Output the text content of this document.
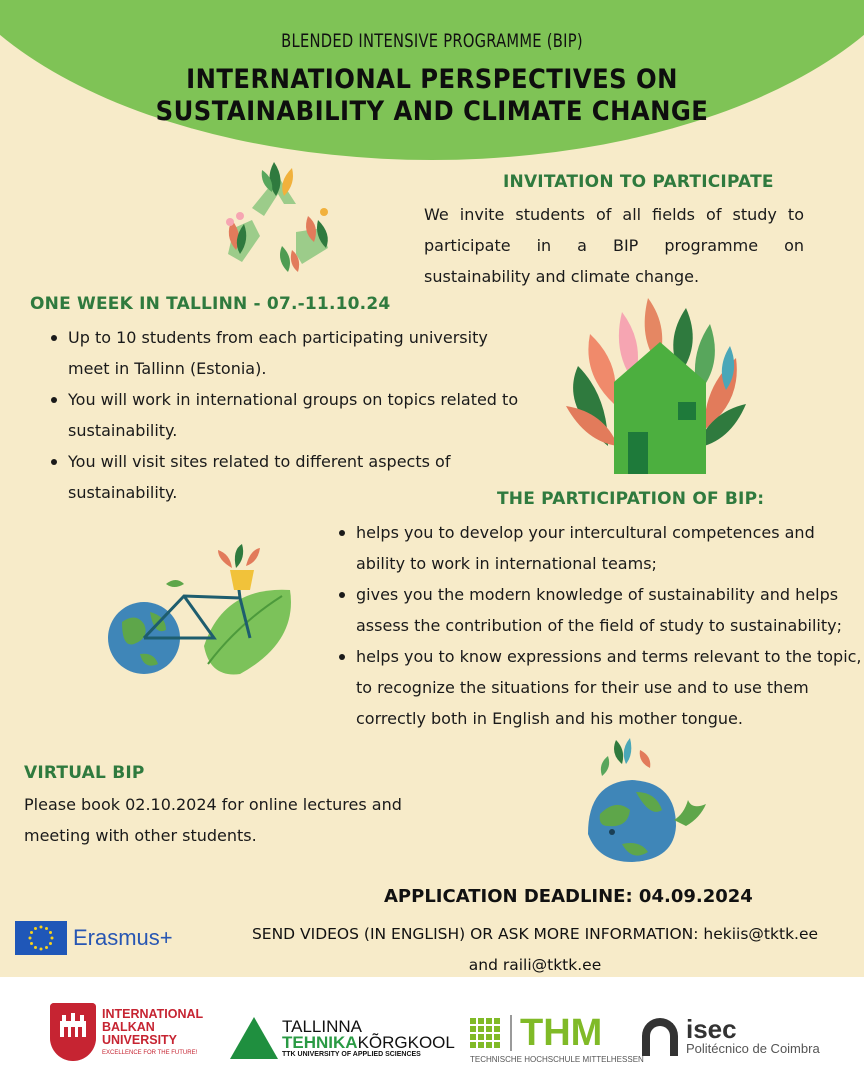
BLENDED INTENSIVE PROGRAMME (BIP)
INTERNATIONAL PERSPECTIVES ON
SUSTAINABILITY AND CLIMATE CHANGE
INVITATION TO PARTICIPATE

We invite students of all fields of study to participate in a BIP programme on sustainability and climate change.

ONE WEEK IN TALLINN - 07.-11.10.24
Up to 10 students from each participating university meet in Tallinn (Estonia).
You will work in international groups on topics related to sustainability.
You will visit sites related to different aspects of sustainability.	THE PARTICIPATION OF BIP:
helps you to develop your intercultural competences and ability to work in international teams;
gives you the modern knowledge of sustainability and helps assess the contribution of the field of study to sustainability;
helps you to know expressions and terms relevant to the topic, to recognize the situations for their use and to use them correctly both in English and his mother tongue.
VIRTUAL BIP

Please book 02.10.2024 for online lectures and meeting with other students.

APPLICATION DEADLINE: 04.09.2024
SEND VIDEOS (IN ENGLISH) OR ASK MORE INFORMATION: hekiis@tktk.ee and raili@tktk.ee
Erasmus+
INTERNATIONAL
BALKAN
UNIVERSITY
EXCELLENCE FOR THE FUTURE!
TALLINNA
TEHNIKAKÕRGKOOL
TTK UNIVERSITY OF APPLIED SCIENCES	THM
TECHNISCHE HOCHSCHULE MITTELHESSEN
isec
Politécnico de Coimbra
